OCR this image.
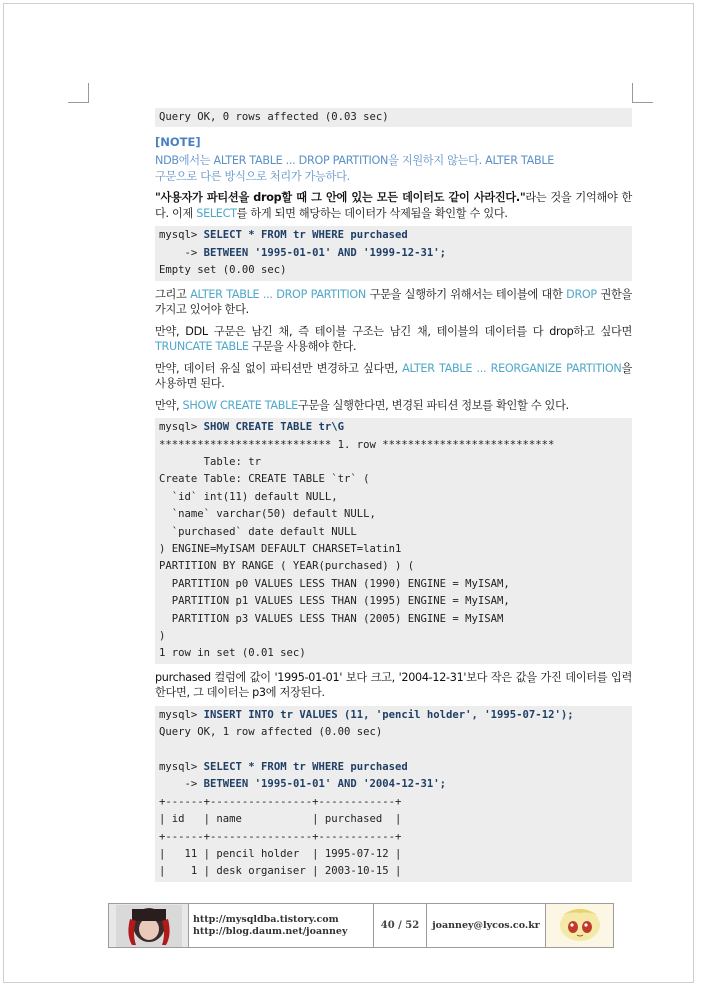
Query OK, 0 rows affected (0.03 sec)
[NOTE]
NDB에서는 ALTER TABLE ... DROP PARTITION을 지원하지 않는다. ALTER TABLE
구문으로 다른 방식으로 처리가 가능하다.
"사용자가 파티션을 drop할 때 그 안에 있는 모든 데이터도 같이 사라진다."라는 것을 기억해야 한다. 이제 SELECT를 하게 되면 해당하는 데이터가 삭제됨을 확인할 수 있다.
mysql> SELECT * FROM tr WHERE purchased
-> BETWEEN '1995-01-01' AND '1999-12-31';
Empty set (0.00 sec)
그리고 ALTER TABLE ... DROP PARTITION 구문을 실행하기 위해서는 테이블에 대한 DROP 권한을 가지고 있어야 한다.
만약, DDL 구문은 남긴 채, 즉 테이블 구조는 남긴 채, 테이블의 데이터를 다 drop하고 싶다면 TRUNCATE TABLE 구문을 사용해야 한다.
만약, 데이터 유실 없이 파티션만 변경하고 싶다면, ALTER TABLE ... REORGANIZE PARTITION을 사용하면 된다.
만약, SHOW CREATE TABLE구문을 실행한다면, 변경된 파티션 정보를 확인할 수 있다.
mysql> SHOW CREATE TABLE tr\G
*************************** 1. row ***************************
Table: tr
Create Table: CREATE TABLE `tr` (
`id` int(11) default NULL,
`name` varchar(50) default NULL,
`purchased` date default NULL
) ENGINE=MyISAM DEFAULT CHARSET=latin1
PARTITION BY RANGE ( YEAR(purchased) ) (
PARTITION p0 VALUES LESS THAN (1990) ENGINE = MyISAM,
PARTITION p1 VALUES LESS THAN (1995) ENGINE = MyISAM,
PARTITION p3 VALUES LESS THAN (2005) ENGINE = MyISAM
)
1 row in set (0.01 sec)
purchased 컬럼에 값이 '1995-01-01' 보다 크고, '2004-12-31'보다 작은 값을 가진 데이터를 입력한다면, 그 데이터는 p3에 저장된다.
mysql> INSERT INTO tr VALUES (11, 'pencil holder', '1995-07-12');
Query OK, 1 row affected (0.00 sec)

mysql> SELECT * FROM tr WHERE purchased
-> BETWEEN '1995-01-01' AND '2004-12-31';
+------+----------------+------------+
| id   | name           | purchased  |
+------+----------------+------------+
|   11 | pencil holder  | 1995-07-12 |
|    1 | desk organiser | 2003-10-15 |
http://mysqldba.tistory.com
http://blog.daum.net/joanney	40 / 52	joanney@lycos.co.kr
